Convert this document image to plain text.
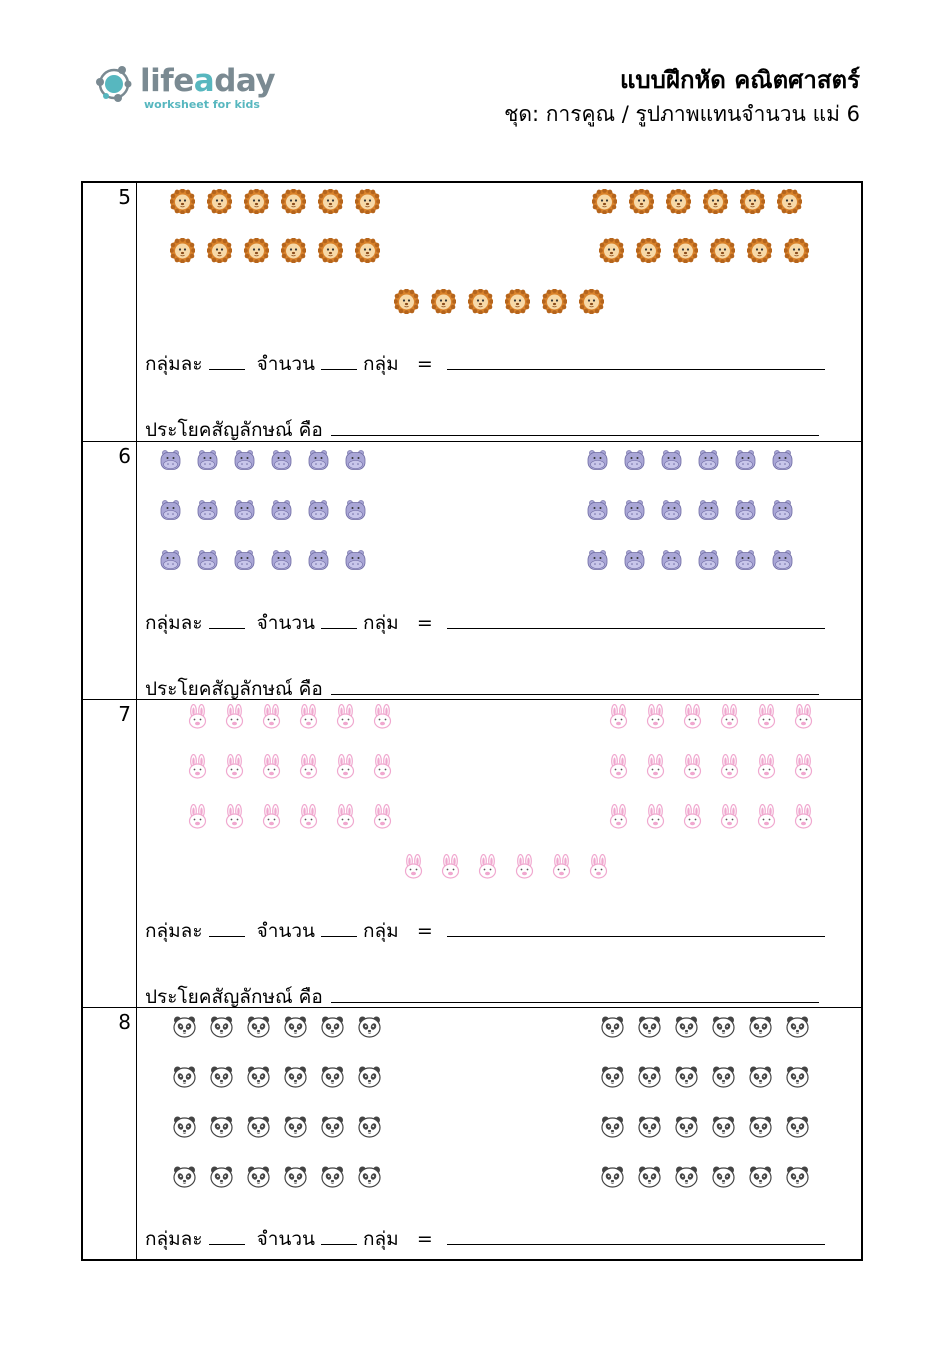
lifeaday
worksheet for kids
แบบฝึกหัด คณิตศาสตร์
ชุด: การคูณ / รูปภาพแทนจำนวน แม่ 6
5
กลุ่มละ	จำนวน	กลุ่ม =
ประโยคสัญลักษณ์ คือ
6
กลุ่มละ	จำนวน	กลุ่ม =
ประโยคสัญลักษณ์ คือ
7
กลุ่มละ	จำนวน	กลุ่ม =
ประโยคสัญลักษณ์ คือ
8
กลุ่มละ	จำนวน	กลุ่ม =
